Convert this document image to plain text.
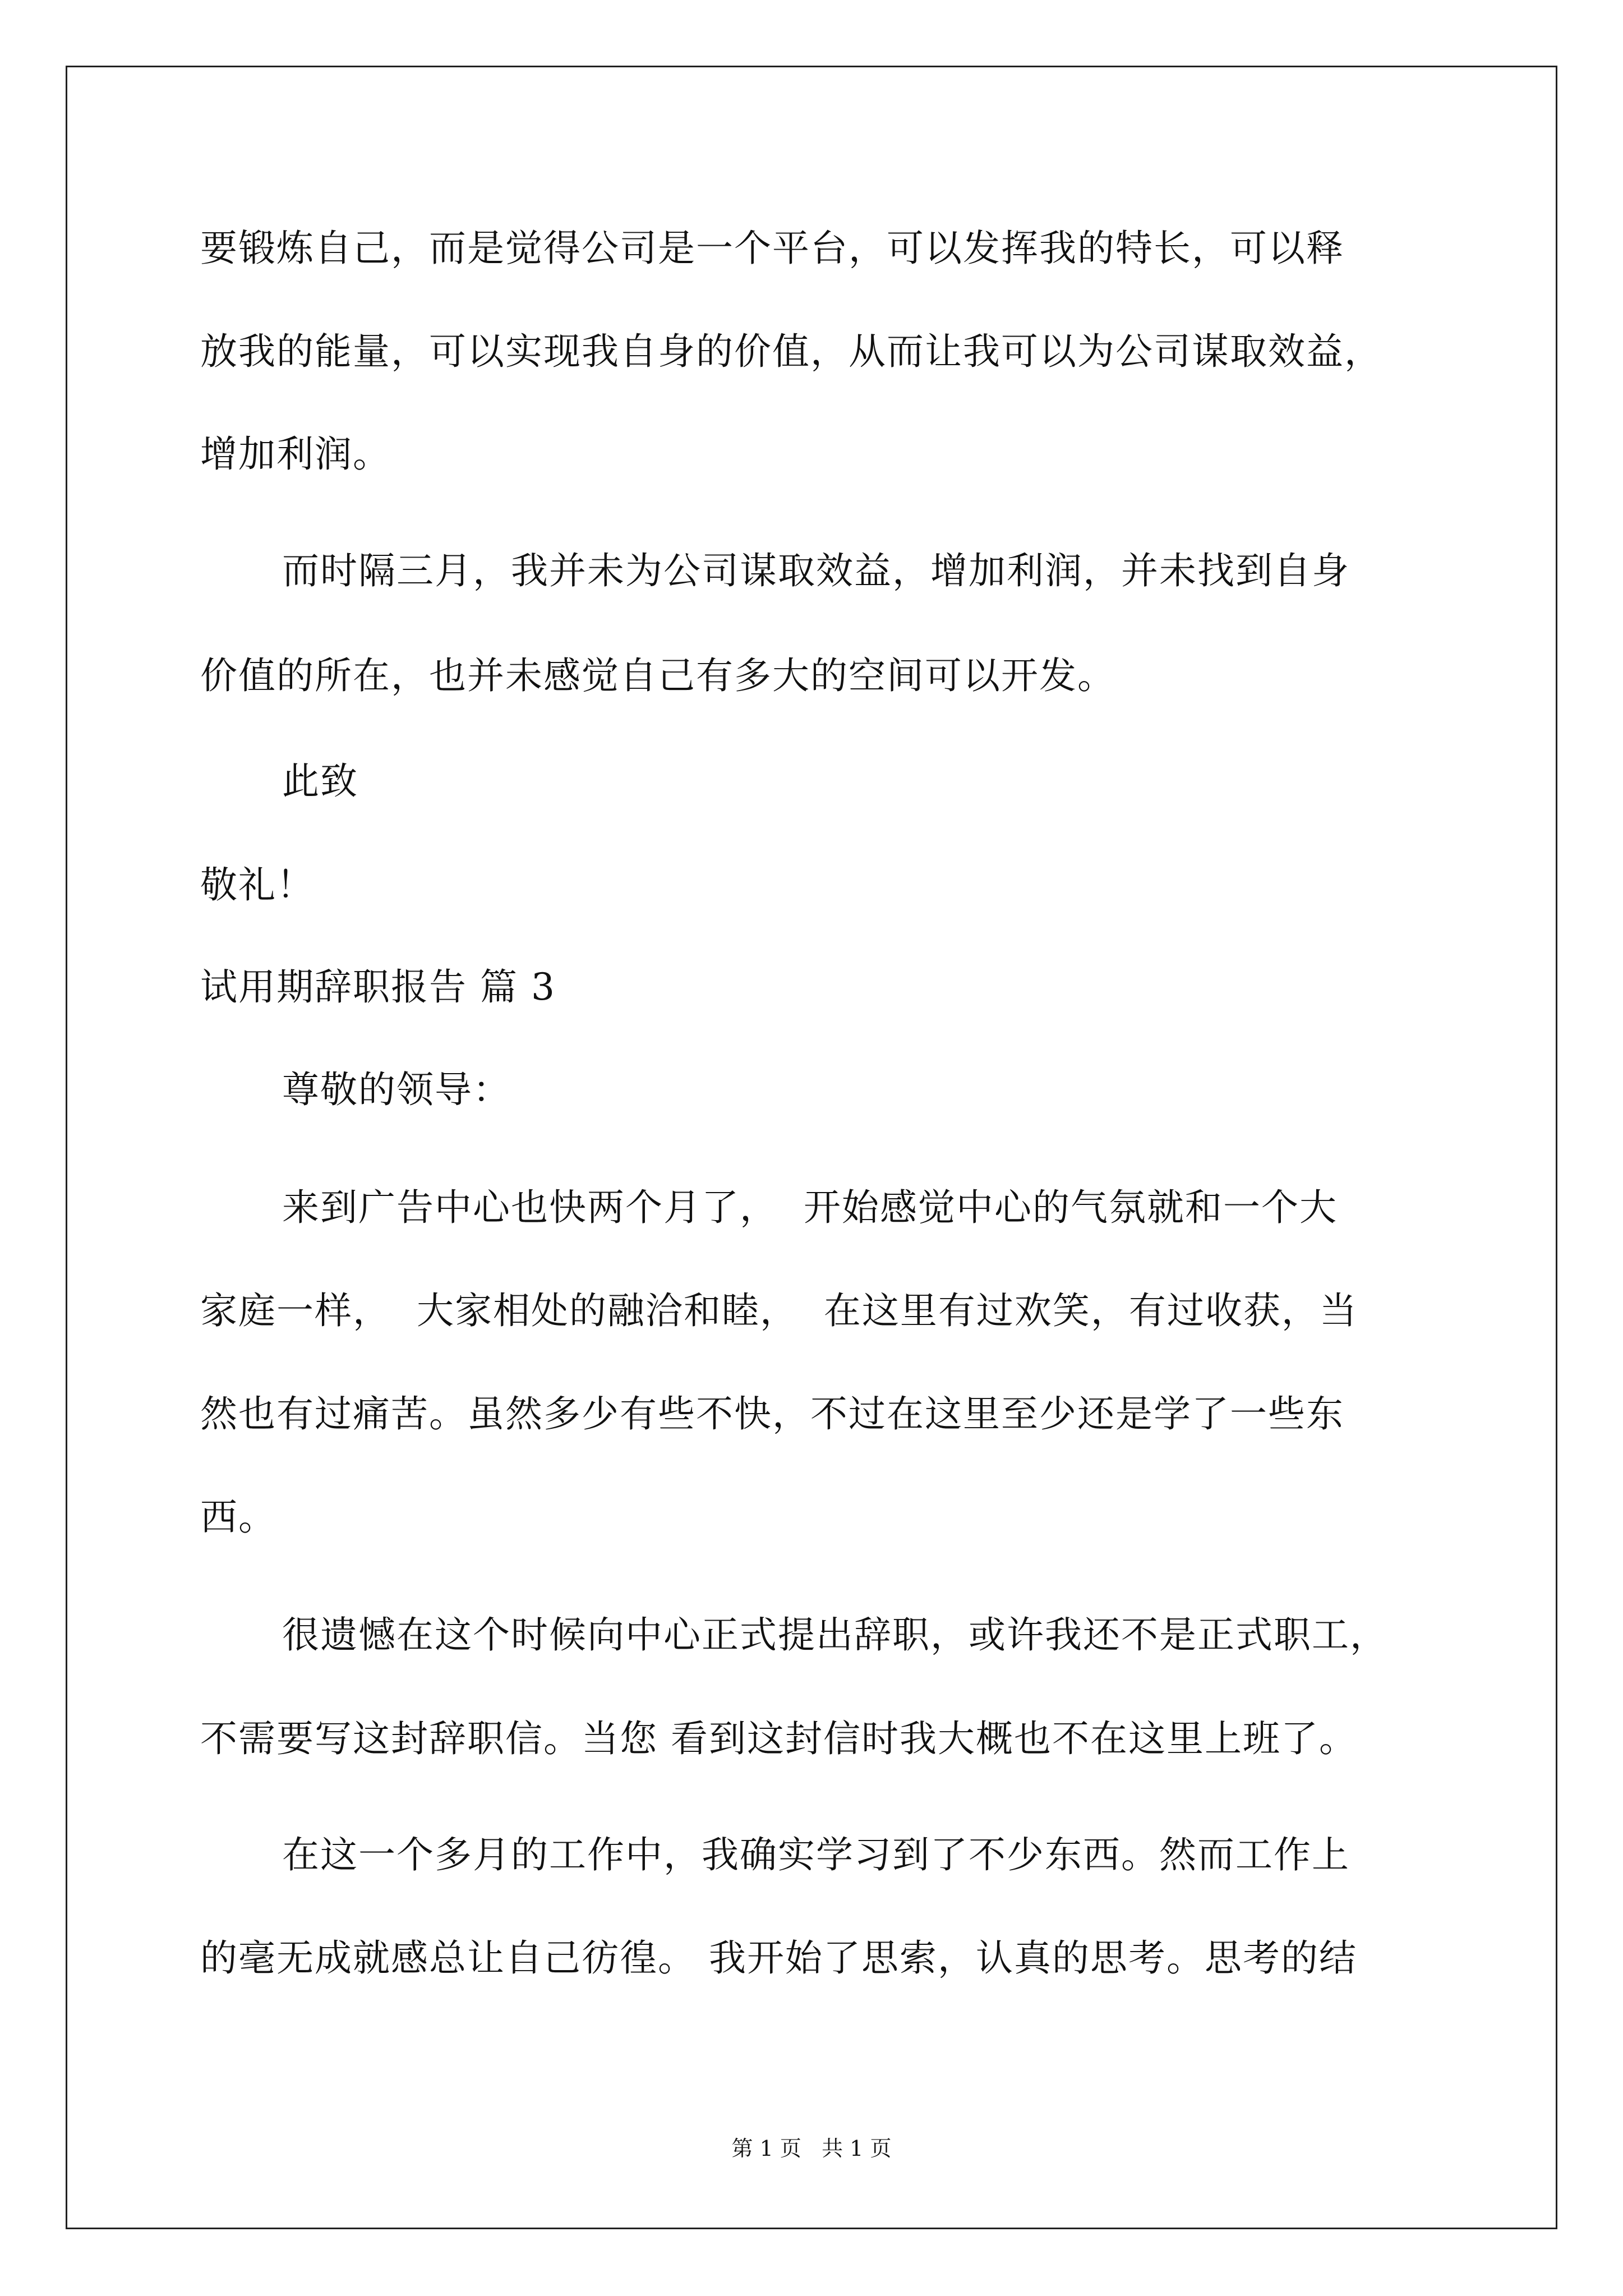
要锻炼自己，而是觉得公司是一个平台，可以发挥我的特长，可以释
放我的能量，可以实现我自身的价值，从而让我可以为公司谋取效益，
增加利润。
而时隔三月，我并未为公司谋取效益，增加利润，并未找到自身
价值的所在，也并未感觉自己有多大的空间可以开发。
此致
敬礼！
试用期辞职报告 篇 3
尊敬的领导：
来到广告中心也快两个月了，  开始感觉中心的气氛就和一个大
家庭一样，  大家相处的融洽和睦，  在这里有过欢笑，有过收获，当
然也有过痛苦。虽然多少有些不快，不过在这里至少还是学了一些东
西。
很遗憾在这个时候向中心正式提出辞职，或许我还不是正式职工，
不需要写这封辞职信。当您 看到这封信时我大概也不在这里上班了。
在这一个多月的工作中，我确实学习到了不少东西。然而工作上
的毫无成就感总让自己彷徨。 我开始了思索，认真的思考。思考的结
第 1 页   共 1 页
